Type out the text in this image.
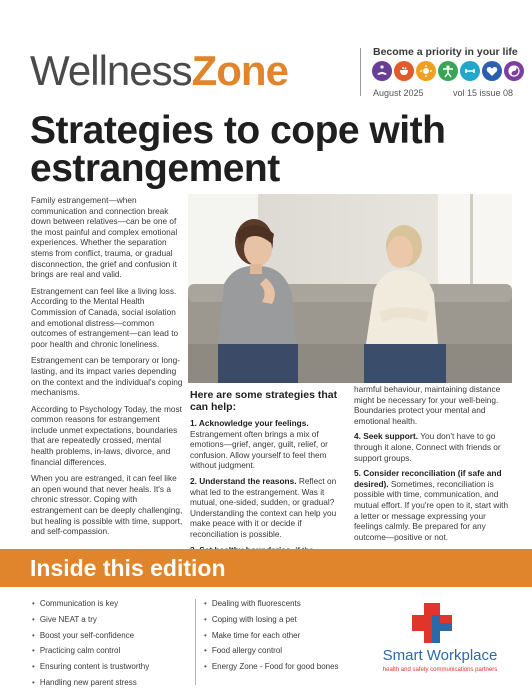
WellnessZone	Become a priority in your life
August 2025	vol 15 issue 08
Strategies to cope with estrangement

Family estrangement—when communication and connection break down between relatives—can be one of the most painful and complex emotional experiences. Whether the separation stems from conflict, trauma, or gradual disconnection, the grief and confusion it brings are real and valid.

Estrangement can feel like a living loss. According to the Mental Health Commission of Canada, social isolation and emotional distress—common outcomes of estrangement—can lead to poor health and chronic loneliness.

Estrangement can be temporary or long-lasting, and its impact varies depending on the context and the individual's coping mechanisms.

According to Psychology Today, the most common reasons for estrangement include unmet expectations, boundaries that are repeatedly crossed, mental health problems, in-laws, divorce, and financial differences.

When you are estranged, it can feel like an open wound that never heals. It's a chronic stressor. Coping with estrangement can be deeply challenging, but healing is possible with time, support, and self-compassion.

Here are some strategies that can help:

1. Acknowledge your feelings. Estrangement often brings a mix of emotions—grief, anger, guilt, relief, or confusion. Allow yourself to feel them without judgment.

2. Understand the reasons. Reflect on what led to the estrangement. Was it mutual, one-sided, sudden, or gradual? Understanding the context can help you make peace with it or decide if reconciliation is possible.

harmful behaviour, maintaining distance might be necessary for your well-being. Boundaries protect your mental and emotional health.

4. Seek support. You don't have to go through it alone. Connect with friends or support groups.

5. Consider reconciliation (if safe and desired). Sometimes, reconciliation is possible with time, communication, and mutual effort. If you're open to it, start with a letter or message expressing your feelings calmly. Be prepared for any outcome—positive or not.

Inside this edition
• Communication is key
• Give NEAT a try
• Boost your self-confidence
• Practicing calm control
• Ensuring content is trustworthy
• Handling new parent stress
• Dealing with fluorescents
• Coping with losing a pet
• Make time for each other
• Food allergy control
• Energy Zone - Food for good bones
Smart Workplace
health and safety communications partners
